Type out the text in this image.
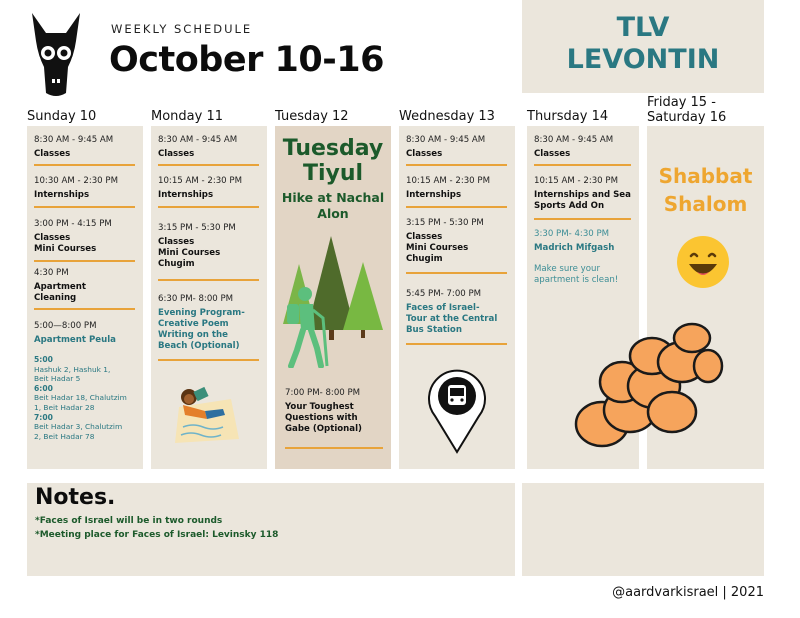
WEEKLY SCHEDULE
October 10-16
TLV
LEVONTIN
Sunday 10	Monday 11	Tuesday 12	Wednesday 13 Thursday 14
Friday 15 -
Saturday 16
8:30 AM - 9:45 AM
Classes
10:30 AM - 2:30 PM
Internships
3:00 PM - 4:15 PM
Classes
Mini Courses
4:30 PM
Apartment
Cleaning
5:00—8:00 PM
Apartment Peula
5:00
Hashuk 2, Hashuk 1,
Beit Hadar 5
6:00
Beit Hadar 18, Chalutzim
1, Beit Hadar 28
7:00
Beit Hadar 3, Chalutzim
2, Beit Hadar 78
8:30 AM - 9:45 AM
Classes
10:15 AM - 2:30 PM
Internships
3:15 PM - 5:30 PM
Classes
Mini Courses
Chugim
6:30 PM- 8:00 PM
Evening Program-
Creative Poem
Writing on the
Beach (Optional)
Tuesday
Tiyul
Hike at Nachal
Alon
7:00 PM- 8:00 PM
Your Toughest
Questions with
Gabe (Optional)
8:30 AM - 9:45 AM
Classes
10:15 AM - 2:30 PM
Internships
3:15 PM - 5:30 PM
Classes
Mini Courses
Chugim
5:45 PM- 7:00 PM
Faces of Israel-
Tour at the Central
Bus Station
8:30 AM - 9:45 AM
Classes
10:15 AM - 2:30 PM
Internships and Sea
Sports Add On
3:30 PM- 4:30 PM
Madrich Mifgash
Make sure your
apartment is clean!
Shabbat
Shalom
Notes.
*Faces of Israel will be in two rounds
*Meeting place for Faces of Israel: Levinsky 118
@aardvarkisrael | 2021
